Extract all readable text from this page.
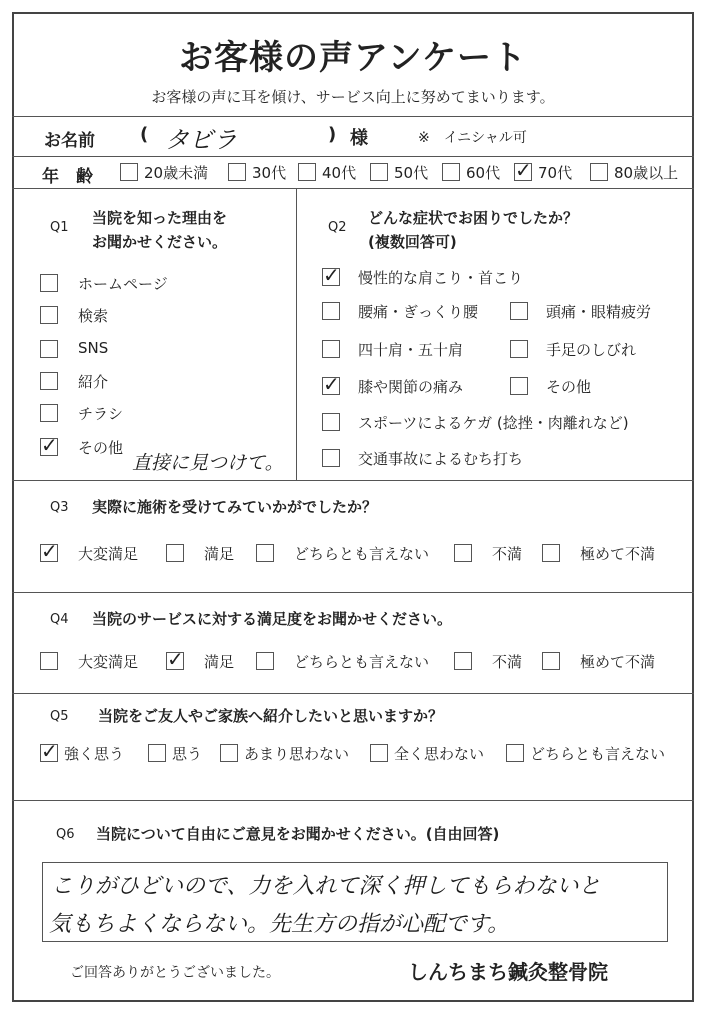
お客様の声アンケート
お客様の声に耳を傾け、サービス向上に努めてまいります。
お名前	( タビラ	) 様	※　イニシャル可
年　齢	20歳未満	30代 40代	50代	60代 ✓ 70代	80歳以上
Q1
当院を知った理由を
お聞かせください。
ホームページ
検索
SNS
紹介
チラシ
✓ その他
直接に見つけて。
Q2
どんな症状でお困りでしたか？
(複数回答可)
✓ 慢性的な肩こり・首こり
腰痛・ぎっくり腰	頭痛・眼精疲労
四十肩・五十肩	手足のしびれ
✓ 膝や関節の痛み	その他
スポーツによるケガ (捻挫・肉離れなど)
交通事故によるむち打ち
Q3 実際に施術を受けてみていかがでしたか？
✓ 大変満足	満足	どちらとも言えない	不満	極めて不満
Q4 当院のサービスに対する満足度をお聞かせください。
大変満足 ✓ 満足	どちらとも言えない	不満	極めて不満
Q5 当院をご友人やご家族へ紹介したいと思いますか？
✓ 強く思う	思う	あまり思わない	全く思わない	どちらとも言えない
Q6 当院について自由にご意見をお聞かせください。(自由回答)
こりがひどいので、力を入れて深く押してもらわないと
気もちよくならない。先生方の指が心配です。
ご回答ありがとうございました。	しんちまち鍼灸整骨院
